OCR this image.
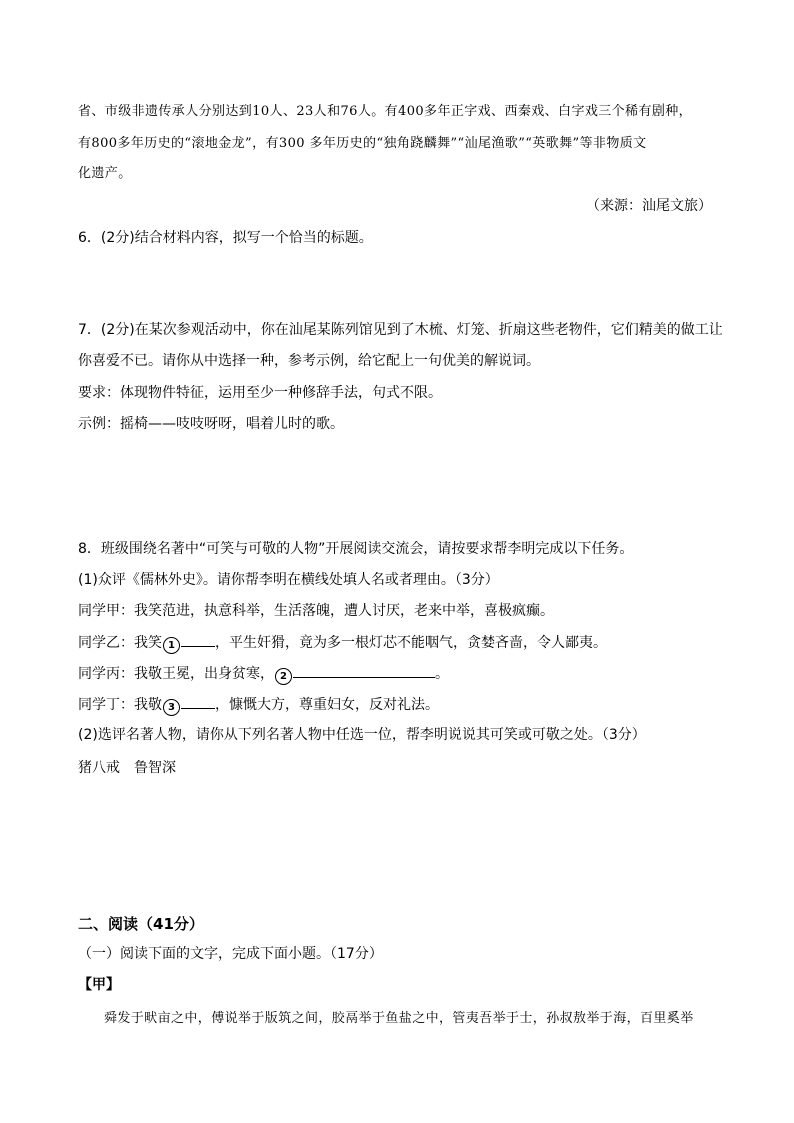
省、市级非遗传承人分别达到10人、23人和76人。有400多年正字戏、西秦戏、白字戏三个稀有剧种，
有800多年历史的“滚地金龙”，有300 多年历史的“独角跷麟舞”“汕尾渔歌”“英歌舞”等非物质文
化遗产。
（来源：汕尾文旅）
6．(2分)结合材料内容，拟写一个恰当的标题。
7．(2分)在某次参观活动中，你在汕尾某陈列馆见到了木梳、灯笼、折扇这些老物件，它们精美的做工让
你喜爱不已。请你从中选择一种，参考示例，给它配上一句优美的解说词。
要求：体现物件特征，运用至少一种修辞手法，句式不限。
示例：摇椅——吱吱呀呀，唱着儿时的歌。
8．班级围绕名著中“可笑与可敬的人物”开展阅读交流会，请按要求帮李明完成以下任务。
(1)众评《儒林外史》。请你帮李明在横线处填人名或者理由。（3分）
同学甲：我笑范进，执意科举，生活落魄，遭人讨厌，老来中举，喜极疯癫。
同学乙：我笑 1	，平生奸猾，竟为多一根灯芯不能咽气，贪婪吝啬，令人鄙夷。
同学丙：我敬王冕，出身贫寒， 2	。
同学丁：我敬 3	，慷慨大方，尊重妇女，反对礼法。
(2)选评名著人物，请你从下列名著人物中任选一位，帮李明说说其可笑或可敬之处。（3分）
猪八戒 鲁智深
二、阅读（41分）
（一）阅读下面的文字，完成下面小题。（17分）
【甲】
舜发于畎亩之中，傅说举于版筑之间，胶鬲举于鱼盐之中，管夷吾举于士，孙叔敖举于海，百里奚举
